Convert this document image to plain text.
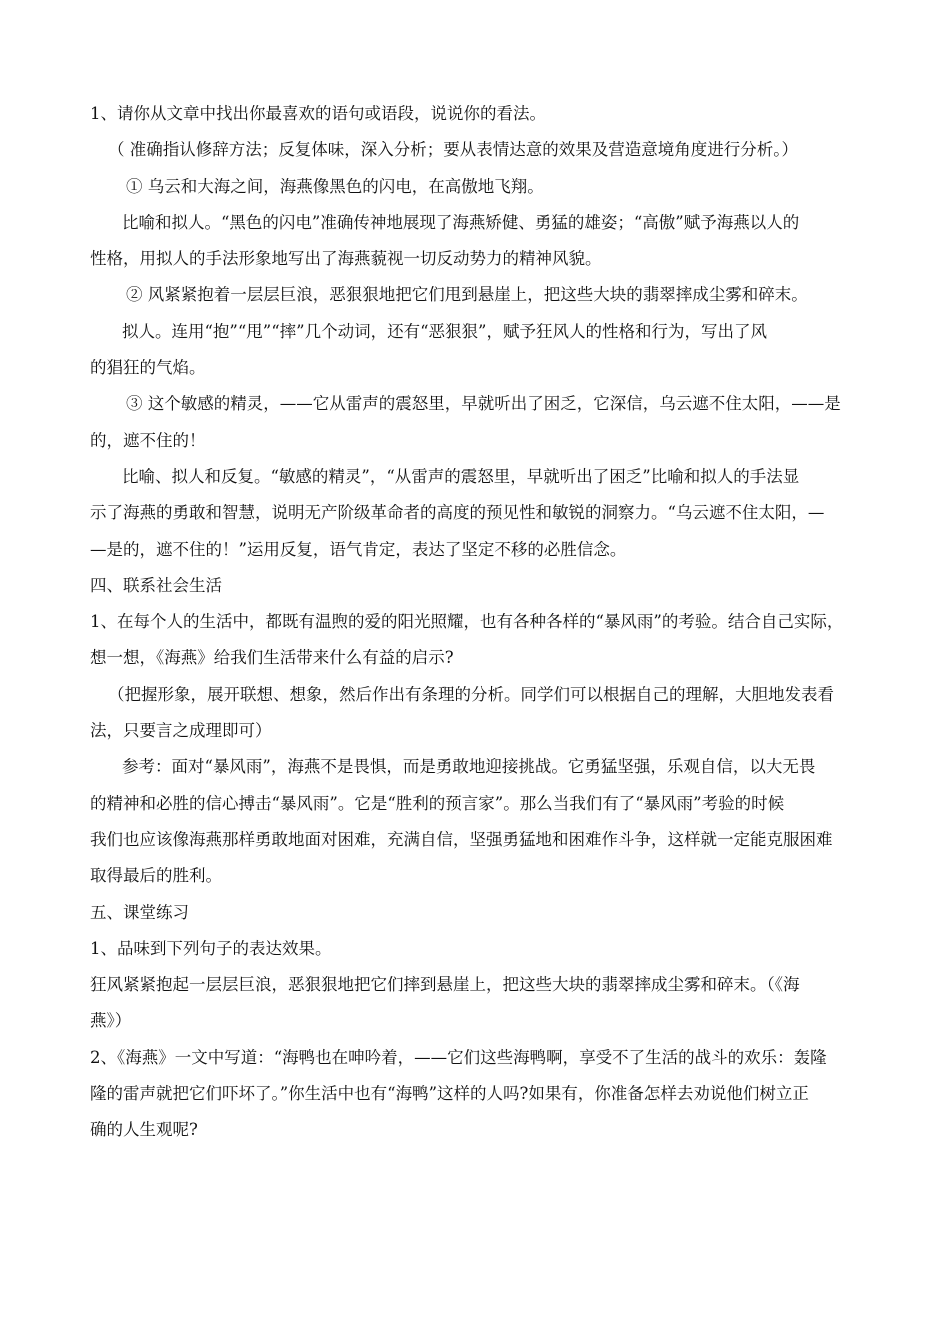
1、请你从文章中找出你最喜欢的语句或语段，说说你的看法。
（ 准确指认修辞方法；反复体味，深入分析；要从表情达意的效果及营造意境角度进行分析。）
① 乌云和大海之间，海燕像黑色的闪电，在高傲地飞翔。
比喻和拟人。“黑色的闪电”准确传神地展现了海燕矫健、勇猛的雄姿；“高傲”赋予海燕以人的
性格，用拟人的手法形象地写出了海燕藐视一切反动势力的精神风貌。
② 风紧紧抱着一层层巨浪，恶狠狠地把它们甩到悬崖上，把这些大块的翡翠摔成尘雾和碎末。
拟人。连用“抱”“甩”“摔”几个动词，还有“恶狠狠”，赋予狂风人的性格和行为，写出了风
的猖狂的气焰。
③ 这个敏感的精灵，——它从雷声的震怒里，早就听出了困乏，它深信，乌云遮不住太阳，——是
的，遮不住的！
比喻、拟人和反复。“敏感的精灵”，“从雷声的震怒里，早就听出了困乏”比喻和拟人的手法显
示了海燕的勇敢和智慧，说明无产阶级革命者的高度的预见性和敏锐的洞察力。“乌云遮不住太阳，—
—是的，遮不住的！”运用反复，语气肯定，表达了坚定不移的必胜信念。
四、联系社会生活
1、在每个人的生活中，都既有温煦的爱的阳光照耀，也有各种各样的“暴风雨”的考验。结合自己实际，
想一想，《海燕》给我们生活带来什么有益的启示?
（把握形象，展开联想、想象，然后作出有条理的分析。同学们可以根据自己的理解，大胆地发表看
法，只要言之成理即可）
参考：面对“暴风雨”，海燕不是畏惧，而是勇敢地迎接挑战。它勇猛坚强，乐观自信，以大无畏
的精神和必胜的信心搏击“暴风雨”。它是“胜利的预言家”。那么当我们有了“暴风雨”考验的时候
我们也应该像海燕那样勇敢地面对困难，充满自信，坚强勇猛地和困难作斗争，这样就一定能克服困难
取得最后的胜利。
五、课堂练习
1、品味到下列句子的表达效果。
狂风紧紧抱起一层层巨浪，恶狠狠地把它们摔到悬崖上，把这些大块的翡翠摔成尘雾和碎末。（《海
燕》）
2、《海燕》一文中写道：“海鸭也在呻吟着，——它们这些海鸭啊，享受不了生活的战斗的欢乐：轰隆
隆的雷声就把它们吓坏了。”你生活中也有“海鸭”这样的人吗?如果有，你准备怎样去劝说他们树立正
确的人生观呢?
